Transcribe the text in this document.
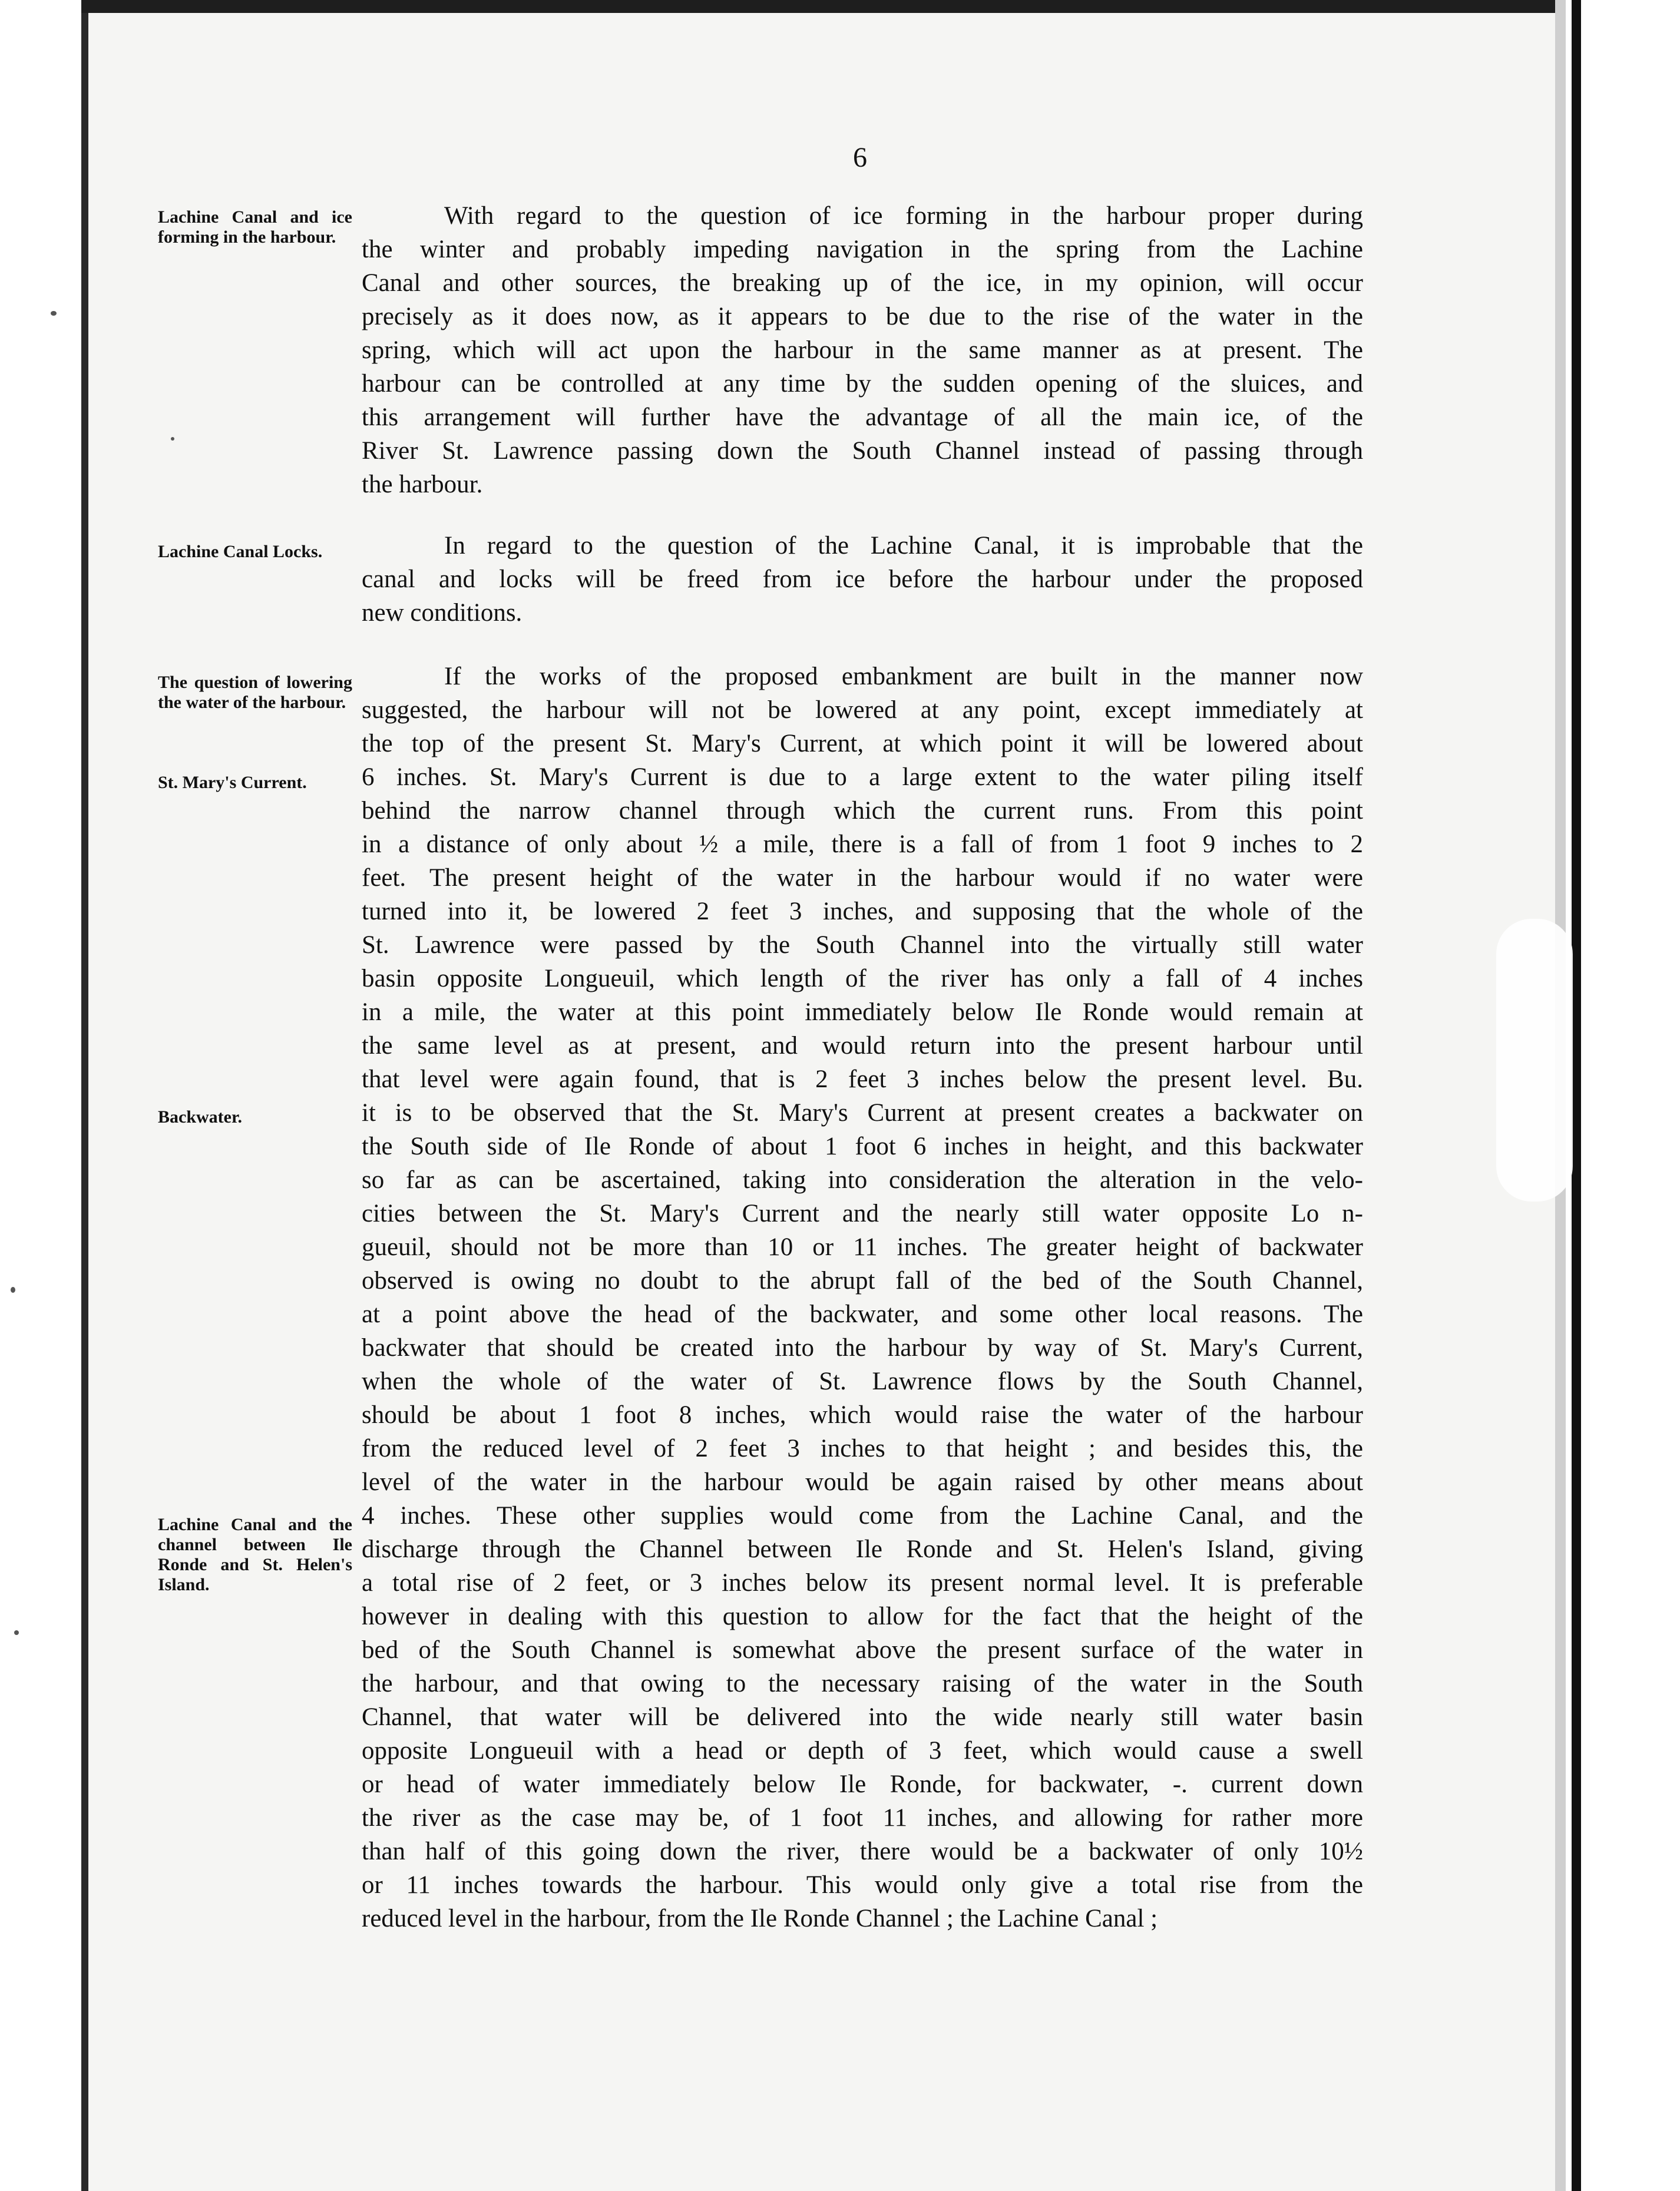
6
Lachine Canal and ice forming in the harbour.
Lachine Canal Locks.
The question of lowering the water of the harbour.
St. Mary's Current.
Backwater.
Lachine Canal and the channel between Ile Ronde and St. Helen's Island.
With regard to the question of ice forming in the harbour proper during
the winter and probably impeding navigation in the spring from the Lachine
Canal and other sources, the breaking up of the ice, in my opinion, will occur
precisely as it does now, as it appears to be due to the rise of the water in the
spring, which will act upon the harbour in the same manner as at present. The
harbour can be controlled at any time by the sudden opening of the sluices, and
this arrangement will further have the advantage of all the main ice, of the
River St. Lawrence passing down the South Channel instead of passing through
the harbour.
In regard to the question of the Lachine Canal, it is improbable that the
canal and locks will be freed from ice before the harbour under the proposed
new conditions.
If the works of the proposed embankment are built in the manner now
suggested, the harbour will not be lowered at any point, except immediately at
the top of the present St. Mary's Current, at which point it will be lowered about
6 inches. St. Mary's Current is due to a large extent to the water piling itself
behind the narrow channel through which the current runs. From this point
in a distance of only about ½ a mile, there is a fall of from 1 foot 9 inches to 2
feet. The present height of the water in the harbour would if no water were
turned into it, be lowered 2 feet 3 inches, and supposing that the whole of the
St. Lawrence were passed by the South Channel into the virtually still water
basin opposite Longueuil, which length of the river has only a fall of 4 inches
in a mile, the water at this point immediately below Ile Ronde would remain at
the same level as at present, and would return into the present harbour until
that level were again found, that is 2 feet 3 inches below the present level. Bu.
it is to be observed that the St. Mary's Current at present creates a backwater on
the South side of Ile Ronde of about 1 foot 6 inches in height, and this backwater
so far as can be ascertained, taking into consideration the alteration in the velo-
cities between the St. Mary's Current and the nearly still water opposite Lo n-
gueuil, should not be more than 10 or 11 inches. The greater height of backwater
observed is owing no doubt to the abrupt fall of the bed of the South Channel,
at a point above the head of the backwater, and some other local reasons. The
backwater that should be created into the harbour by way of St. Mary's Current,
when the whole of the water of St. Lawrence flows by the South Channel,
should be about 1 foot 8 inches, which would raise the water of the harbour
from the reduced level of 2 feet 3 inches to that height ; and besides this, the
level of the water in the harbour would be again raised by other means about
4 inches. These other supplies would come from the Lachine Canal, and the
discharge through the Channel between Ile Ronde and St. Helen's Island, giving
a total rise of 2 feet, or 3 inches below its present normal level. It is preferable
however in dealing with this question to allow for the fact that the height of the
bed of the South Channel is somewhat above the present surface of the water in
the harbour, and that owing to the necessary raising of the water in the South
Channel, that water will be delivered into the wide nearly still water basin
opposite Longueuil with a head or depth of 3 feet, which would cause a swell
or head of water immediately below Ile Ronde, for backwater, -. current down
the river as the case may be, of 1 foot 11 inches, and allowing for rather more
than half of this going down the river, there would be a backwater of only 10½
or 11 inches towards the harbour. This would only give a total rise from the
reduced level in the harbour, from the Ile Ronde Channel ; the Lachine Canal ;
